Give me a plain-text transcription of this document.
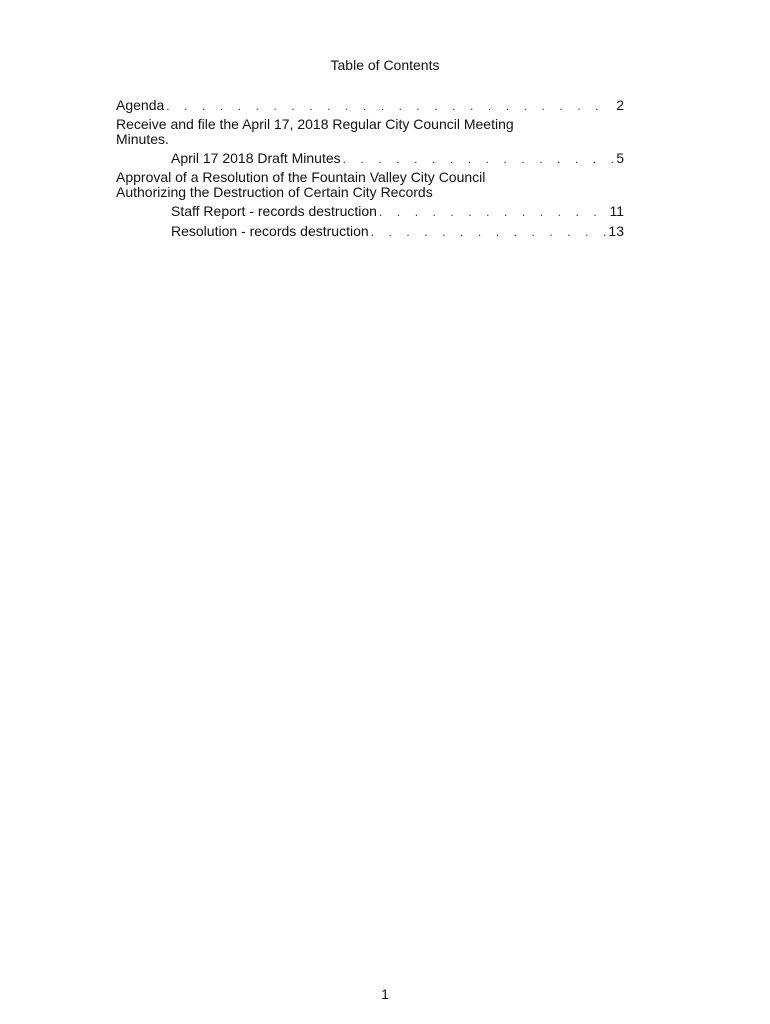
Table of Contents
Agenda . . .	2
Receive and file the April 17, 2018 Regular City Council Meeting Minutes.
April 17 2018 Draft Minutes . . .	5
Approval of a Resolution of the Fountain Valley City Council Authorizing the Destruction of Certain City Records
Staff Report - records destruction . . .	11
Resolution - records destruction . . .	13
1
